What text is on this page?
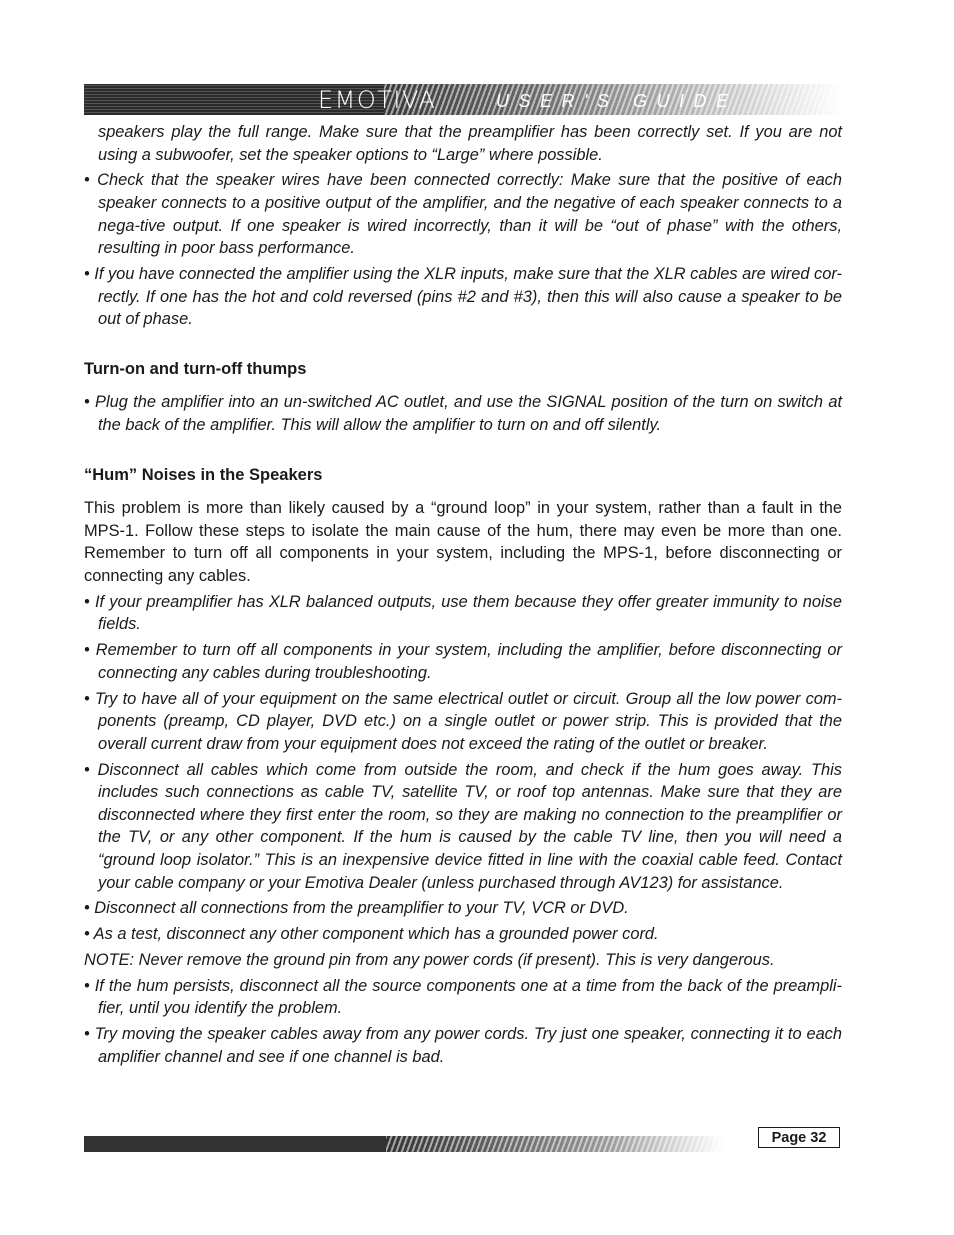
EMOTIVA	USER'S GUIDE

speakers play the full range. Make sure that the preamplifier has been correctly set. If you are not using a subwoofer, set the speaker options to “Large” where possible.

• Check that the speaker wires have been connected correctly: Make sure that the positive of each speaker connects to a positive output of the amplifier, and the negative of each speaker connects to a nega-tive output. If one speaker is wired incorrectly, than it will be “out of phase” with the others, resulting in poor bass performance.

• If you have connected the amplifier using the XLR inputs, make sure that the XLR cables are wired cor-rectly. If one has the hot and cold reversed (pins #2 and #3), then this will also cause a speaker to be out of phase.

Turn-on and turn-off thumps

• Plug the amplifier into an un-switched AC outlet, and use the SIGNAL position of the turn on switch at the back of the amplifier. This will allow the amplifier to turn on and off silently.

“Hum” Noises in the Speakers

This problem is more than likely caused by a “ground loop” in your system, rather than a fault in the MPS-1. Follow these steps to isolate the main cause of the hum, there may even be more than one. Remember to turn off all components in your system, including the MPS-1, before disconnecting or connecting any cables.

• If your preamplifier has XLR balanced outputs, use them because they offer greater immunity to noise fields.

• Remember to turn off all components in your system, including the amplifier, before disconnecting or connecting any cables during troubleshooting.

• Try to have all of your equipment on the same electrical outlet or circuit. Group all the low power com-ponents (preamp, CD player, DVD etc.) on a single outlet or power strip. This is provided that the overall current draw from your equipment does not exceed the rating of the outlet or breaker.

• Disconnect all cables which come from outside the room, and check if the hum goes away. This includes such connections as cable TV, satellite TV, or roof top antennas. Make sure that they are disconnected where they first enter the room, so they are making no connection to the preamplifier or the TV, or any other component. If the hum is caused by the cable TV line, then you will need a “ground loop isolator.” This is an inexpensive device fitted in line with the coaxial cable feed. Contact your cable company or your Emotiva Dealer (unless purchased through AV123) for assistance.

• Disconnect all connections from the preamplifier to your TV, VCR or DVD.

• As a test, disconnect any other component which has a grounded power cord.

NOTE: Never remove the ground pin from any power cords (if present). This is very dangerous.

• If the hum persists, disconnect all the source components one at a time from the back of the preampli-fier, until you identify the problem.

• Try moving the speaker cables away from any power cords. Try just one speaker, connecting it to each amplifier channel and see if one channel is bad.

Page 32
